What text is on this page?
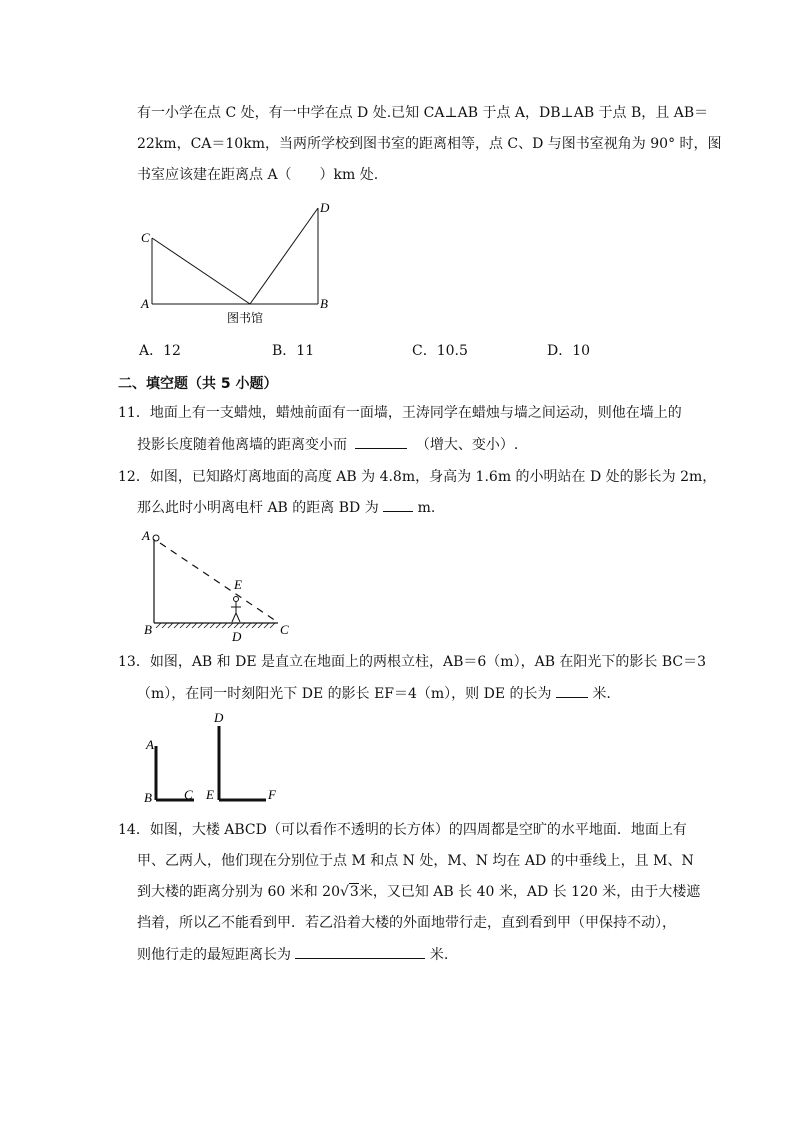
有一小学在点 C 处，有一中学在点 D 处.已知 CA⊥AB 于点 A，DB⊥AB 于点 B，且 AB＝
22km，CA＝10km，当两所学校到图书室的距离相等，点 C、D 与图书室视角为 90° 时，图
书室应该建在距离点 A（　　）km 处.
C
A
D
B
图书馆
A．12	B．11	C．10.5	D．10
二、填空题（共 5 小题）
11．地面上有一支蜡烛，蜡烛前面有一面墙，王涛同学在蜡烛与墙之间运动，则他在墙上的
投影长度随着他离墙的距离变小而	（增大、变小）.
12．如图，已知路灯离地面的高度 AB 为 4.8m，身高为 1.6m 的小明站在 D 处的影长为 2m，
那么此时小明离电杆 AB 的距离 BD 为	m.
A
E
B	D	C
13．如图，AB 和 DE 是直立在地面上的两根立柱，AB＝6（m），AB 在阳光下的影长 BC＝3
（m），在同一时刻阳光下 DE 的影长 EF＝4（m），则 DE 的长为	米.
A
D
B C E	F
14．如图，大楼 ABCD（可以看作不透明的长方体）的四周都是空旷的水平地面．地面上有
甲、乙两人，他们现在分别位于点 M 和点 N 处，M、N 均在 AD 的中垂线上，且 M、N
到大楼的距离分别为 60 米和 20√3米，又已知 AB 长 40 米，AD 长 120 米，由于大楼遮
挡着，所以乙不能看到甲．若乙沿着大楼的外面地带行走，直到看到甲（甲保持不动），
则他行走的最短距离长为	米.
